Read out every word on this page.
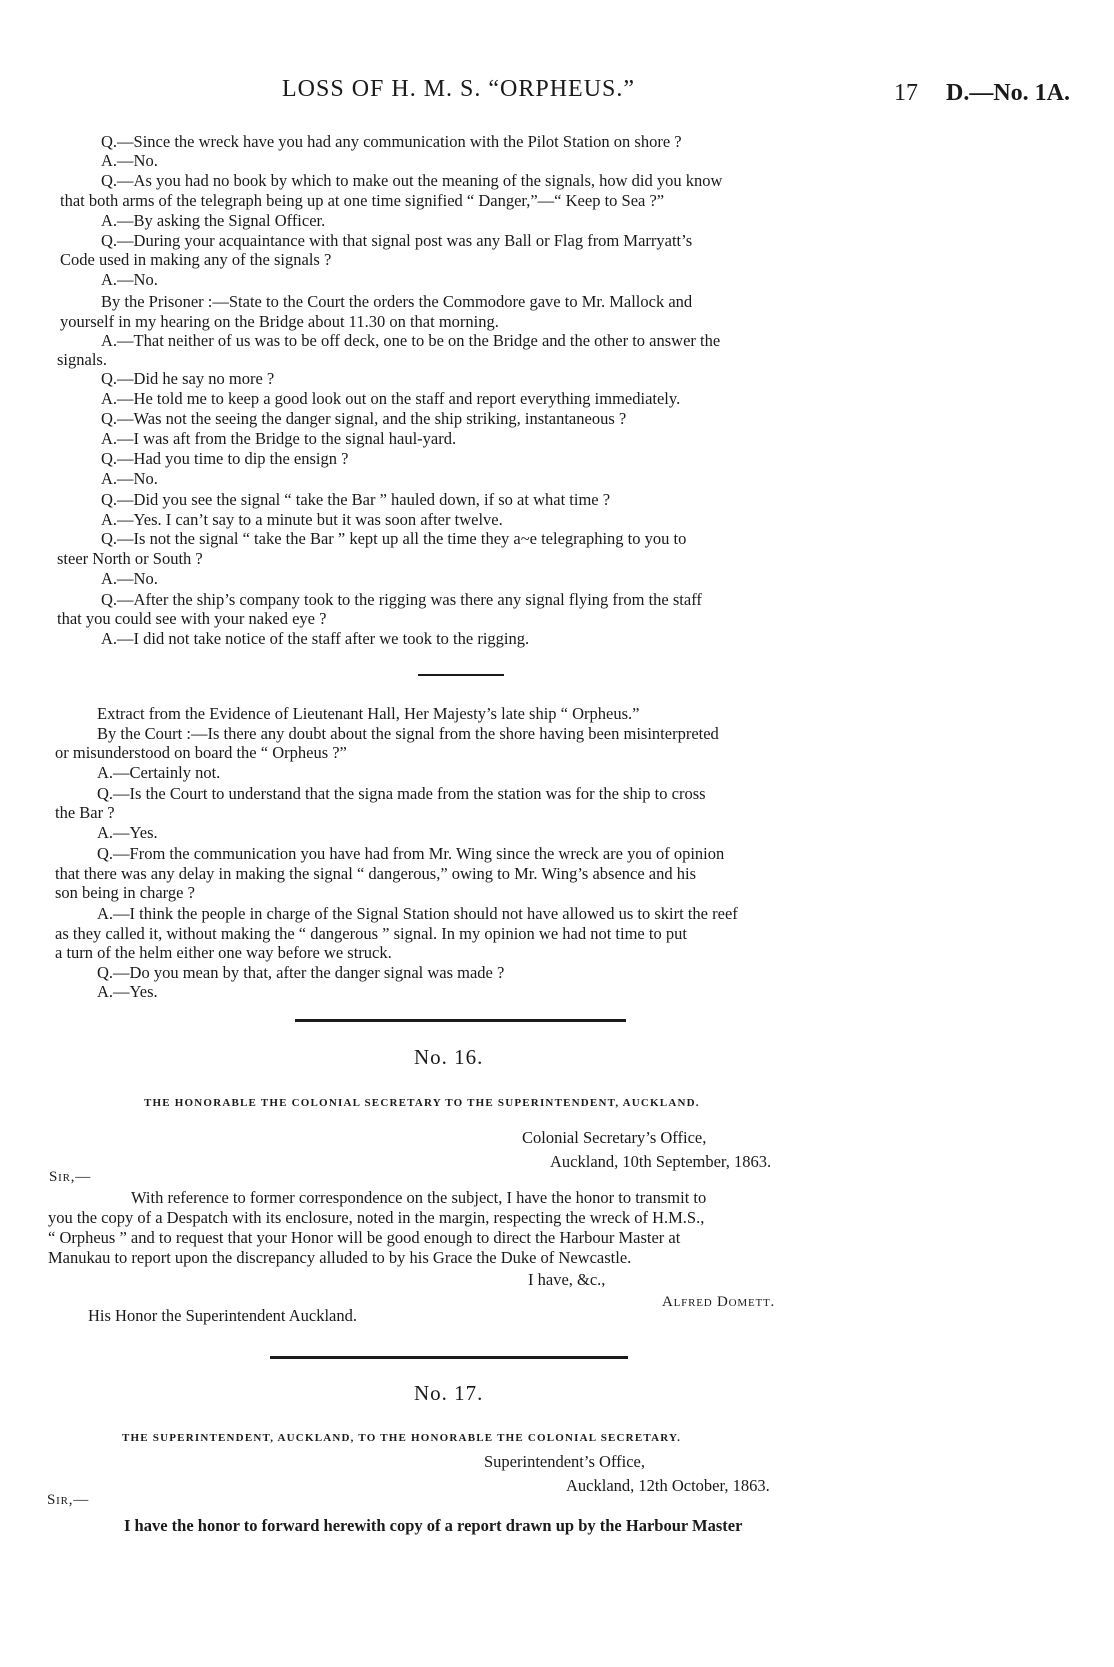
LOSS OF H. M. S. “ORPHEUS.”	17 D.—No. 1A.
Q.—Since the wreck have you had any communication with the Pilot Station on shore ?
A.—No.
Q.—As you had no book by which to make out the meaning of the signals, how did you know
that both arms of the telegraph being up at one time signified “ Danger,”—“ Keep to Sea ?”
A.—By asking the Signal Officer.
Q.—During your acquaintance with that signal post was any Ball or Flag from Marryatt’s
Code used in making any of the signals ?
A.—No.
By the Prisoner :—State to the Court the orders the Commodore gave to Mr. Mallock and
yourself in my hearing on the Bridge about 11.30 on that morning.
A.—That neither of us was to be off deck, one to be on the Bridge and the other to answer the
signals.
Q.—Did he say no more ?
A.—He told me to keep a good look out on the staff and report everything immediately.
Q.—Was not the seeing the danger signal, and the ship striking, instantaneous ?
A.—I was aft from the Bridge to the signal haul-yard.
Q.—Had you time to dip the ensign ?
A.—No.
Q.—Did you see the signal “ take the Bar ” hauled down, if so at what time ?
A.—Yes. I can’t say to a minute but it was soon after twelve.
Q.—Is not the signal “ take the Bar ” kept up all the time they a~e telegraphing to you to
steer North or South ?
A.—No.
Q.—After the ship’s company took to the rigging was there any signal flying from the staff
that you could see with your naked eye ?
A.—I did not take notice of the staff after we took to the rigging.
Extract from the Evidence of Lieutenant Hall, Her Majesty’s late ship “ Orpheus.”
By the Court :—Is there any doubt about the signal from the shore having been misinterpreted
or misunderstood on board the “ Orpheus ?”
A.—Certainly not.
Q.—Is the Court to understand that the signa made from the station was for the ship to cross
the Bar ?
A.—Yes.
Q.—From the communication you have had from Mr. Wing since the wreck are you of opinion
that there was any delay in making the signal “ dangerous,” owing to Mr. Wing’s absence and his
son being in charge ?
A.—I think the people in charge of the Signal Station should not have allowed us to skirt the reef
as they called it, without making the “ dangerous ” signal. In my opinion we had not time to put
a turn of the helm either one way before we struck.
Q.—Do you mean by that, after the danger signal was made ?
A.—Yes.
No. 16.
THE HONORABLE THE COLONIAL SECRETARY TO THE SUPERINTENDENT, AUCKLAND.
Colonial Secretary’s Office,
Auckland, 10th September, 1863.
Sir,—
With reference to former correspondence on the subject, I have the honor to transmit to
you the copy of a Despatch with its enclosure, noted in the margin, respecting the wreck of H.M.S.,
“ Orpheus ” and to request that your Honor will be good enough to direct the Harbour Master at
Manukau to report upon the discrepancy alluded to by his Grace the Duke of Newcastle.
I have, &c.,
Alfred Domett.
His Honor the Superintendent Auckland.
No. 17.
THE SUPERINTENDENT, AUCKLAND, TO THE HONORABLE THE COLONIAL SECRETARY.
Superintendent’s Office,
Auckland, 12th October, 1863.
Sir,—
I have the honor to forward herewith copy of a report drawn up by the Harbour Master
